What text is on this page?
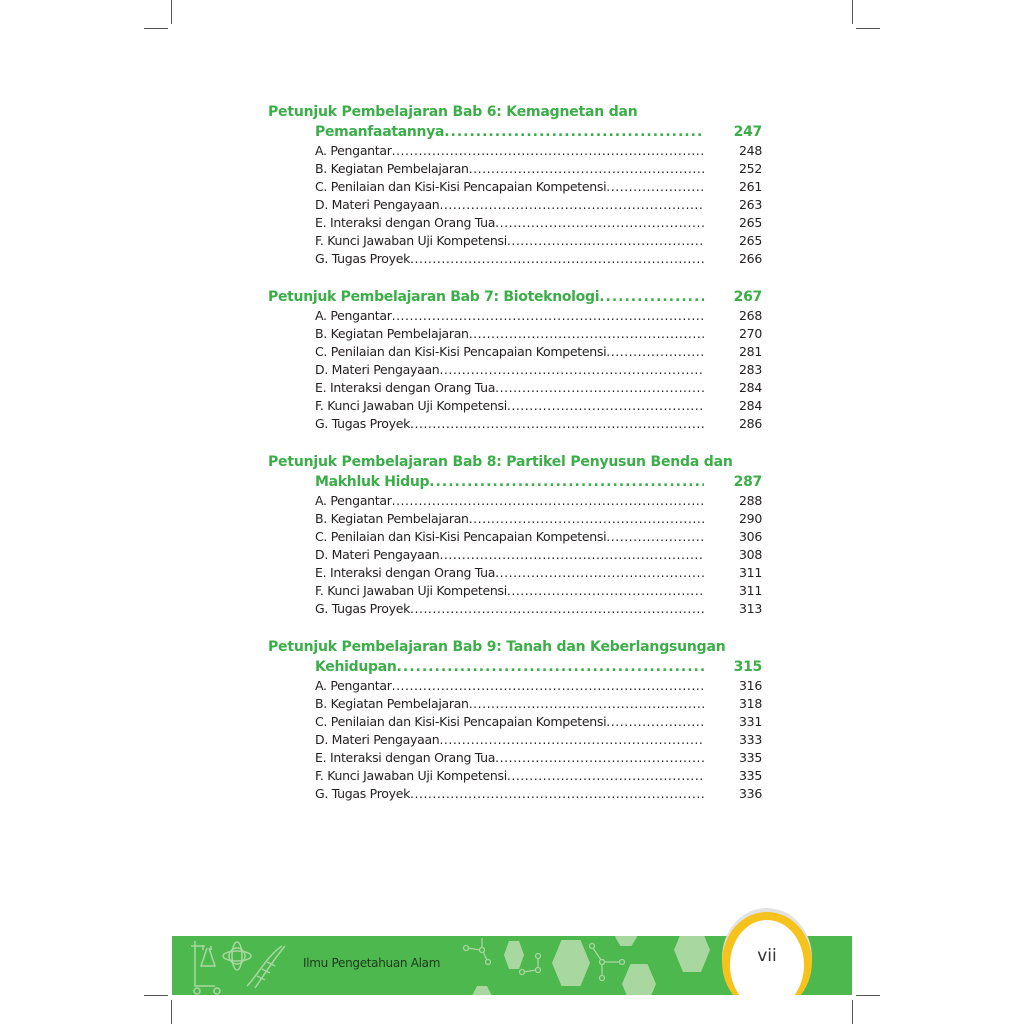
Petunjuk Pembelajaran Bab 6: Kemagnetan dan
Pemanfaatannya .....	247
A. Pengantar .....	248
B. Kegiatan Pembelajaran .....	252
C. Penilaian dan Kisi-Kisi Pencapaian Kompetensi .....	261
D. Materi Pengayaan .....	263
E. Interaksi dengan Orang Tua .....	265
F. Kunci Jawaban Uji Kompetensi .....	265
G. Tugas Proyek .....	266
Petunjuk Pembelajaran Bab 7: Bioteknologi .....	267
A. Pengantar .....	268
B. Kegiatan Pembelajaran .....	270
C. Penilaian dan Kisi-Kisi Pencapaian Kompetensi .....	281
D. Materi Pengayaan .....	283
E. Interaksi dengan Orang Tua .....	284
F. Kunci Jawaban Uji Kompetensi .....	284
G. Tugas Proyek .....	286
Petunjuk Pembelajaran Bab 8: Partikel Penyusun Benda dan
Makhluk Hidup .....	287
A. Pengantar .....	288
B. Kegiatan Pembelajaran .....	290
C. Penilaian dan Kisi-Kisi Pencapaian Kompetensi .....	306
D. Materi Pengayaan .....	308
E. Interaksi dengan Orang Tua .....	311
F. Kunci Jawaban Uji Kompetensi .....	311
G. Tugas Proyek .....	313
Petunjuk Pembelajaran Bab 9: Tanah dan Keberlangsungan
Kehidupan .....	315
A. Pengantar .....	316
B. Kegiatan Pembelajaran .....	318
C. Penilaian dan Kisi-Kisi Pencapaian Kompetensi .....	331
D. Materi Pengayaan .....	333
E. Interaksi dengan Orang Tua .....	335
F. Kunci Jawaban Uji Kompetensi .....	335
G. Tugas Proyek .....	336
Ilmu Pengetahuan Alam	vii
